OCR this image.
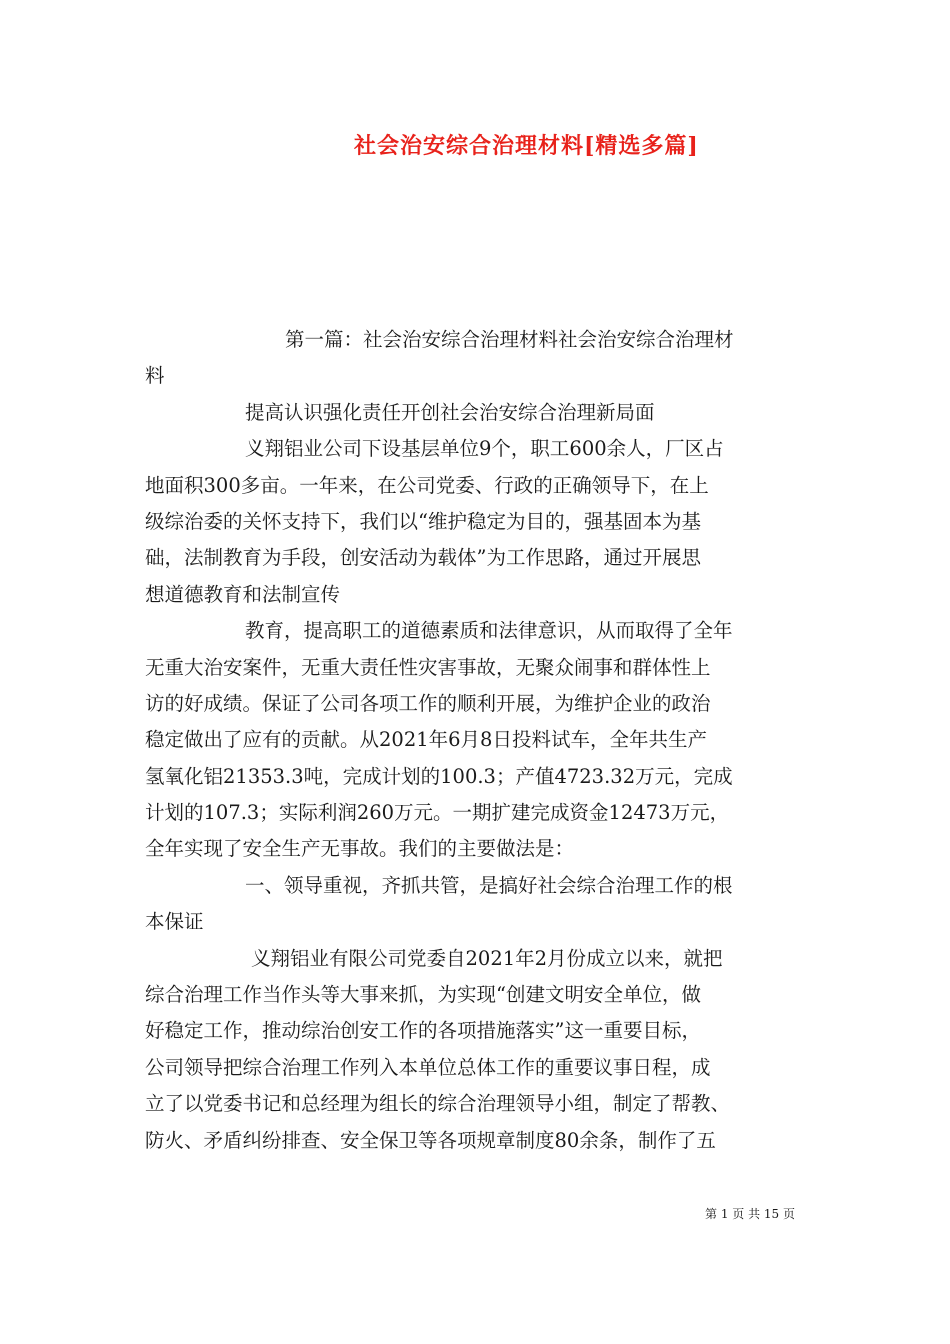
社会治安综合治理材料[精选多篇]
第一篇：社会治安综合治理材料社会治安综合治理材
料
提高认识强化责任开创社会治安综合治理新局面
义翔铝业公司下设基层单位9个，职工600余人，厂区占
地面积300多亩。一年来，在公司党委、行政的正确领导下，在上
级综治委的关怀支持下，我们以“维护稳定为目的，强基固本为基
础，法制教育为手段，创安活动为载体”为工作思路，通过开展思
想道德教育和法制宣传
教育，提高职工的道德素质和法律意识，从而取得了全年
无重大治安案件，无重大责任性灾害事故，无聚众闹事和群体性上
访的好成绩。保证了公司各项工作的顺利开展，为维护企业的政治
稳定做出了应有的贡献。从2021年6月8日投料试车，全年共生产
氢氧化铝21353.3吨，完成计划的100.3；产值4723.32万元，完成
计划的107.3；实际利润260万元。一期扩建完成资金12473万元，
全年实现了安全生产无事故。我们的主要做法是：
一、领导重视，齐抓共管，是搞好社会综合治理工作的根
本保证
义翔铝业有限公司党委自2021年2月份成立以来，就把
综合治理工作当作头等大事来抓，为实现“创建文明安全单位，做
好稳定工作，推动综治创安工作的各项措施落实”这一重要目标，
公司领导把综合治理工作列入本单位总体工作的重要议事日程，成
立了以党委书记和总经理为组长的综合治理领导小组，制定了帮教、
防火、矛盾纠纷排查、安全保卫等各项规章制度80余条，制作了五
第 1 页 共 15 页
